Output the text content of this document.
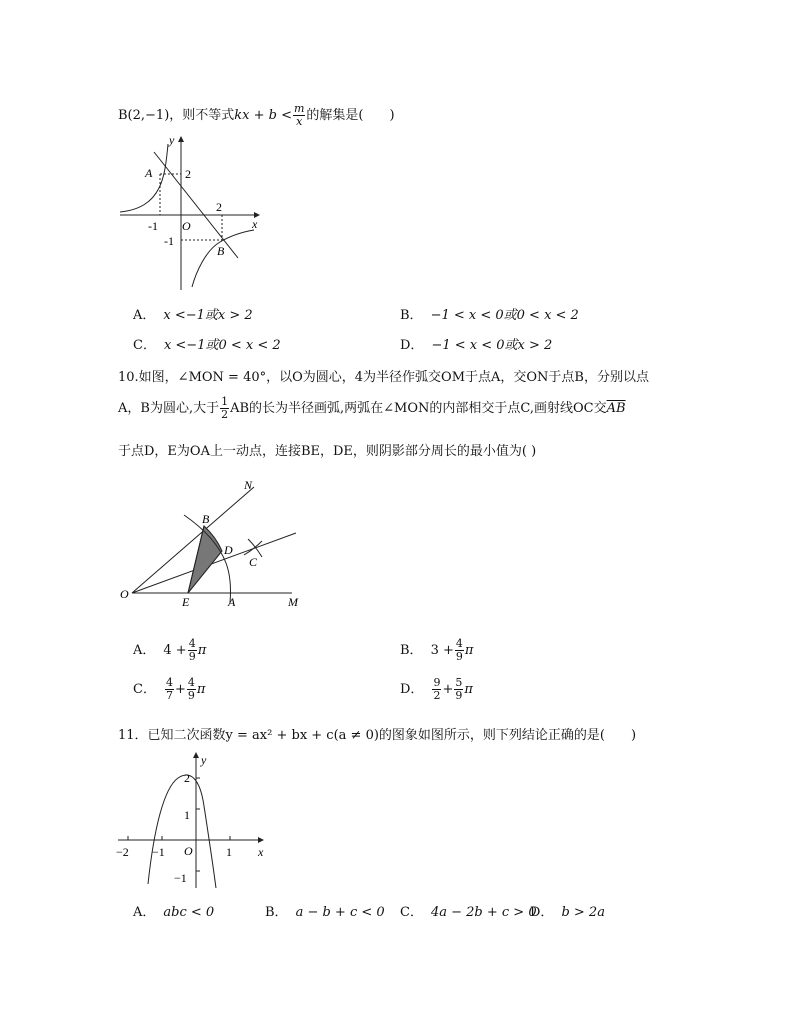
B(2,−1)，则不等式kx + $b < \frac{m}{x}$ 的解集是(　　)
y
x
O
A
B
2
-1
2
-1
A． x <−1或x > 2	B． −1 < x < 0或0 < x < 2
C． x <−1或0 < x < 2	D． −1 < x < 0或x > 2
10.如图，∠MON = 40°，以O为圆心，4为半径作弧交OM于点A，交ON于点B，分别以点
A，B为圆心,大于 $\frac{1}{2}$ AB的长为半径画弧,两弧在∠MON的内部相交于点C,画射线OC交$\overline{AB}$
于点D，E为OA上一动点，连接BE，DE，则阴影部分周长的最小值为( )
N
B
D
C
O
E	A	M
A． $4 + \frac{4}{9}$ π	B． $3 + \frac{4}{9}$ π
C． $\frac{4}{7} + \frac{4}{9}$ π	D． $\frac{9}{2} + \frac{5}{9}$ π
11．已知二次函数y = ax² + bx + c(a ≠ 0)的图象如图所示，则下列结论正确的是(　　)
y
x
O
2
1
−1
−2 −1	1
A． abc < 0	B． a − b + c < 0 C． 4a − 2b + c > 0
D． b > 2a
